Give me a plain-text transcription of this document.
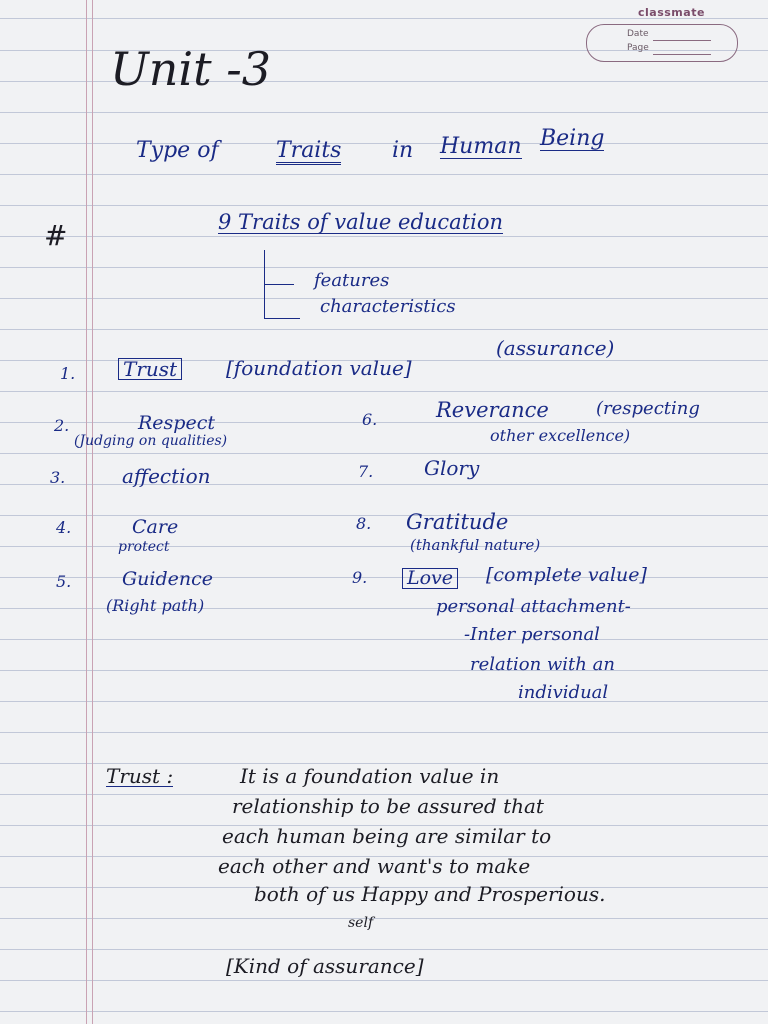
classmate
Date
Page
Unit -3
Type of	Traits in Human Being
#	9 Traits of value education
features
characteristics
1. Trust [foundation value]
(assurance)
2.	Respect
(Judging on qualities)
6.	Reverance	(respecting
other excellence)
3.	affection	7.	Glory
4.	Care
protect
8. Gratitude
(thankful nature)
5.	Guidence
(Right path)
9. Love [complete value]
personal attachment-
-Inter personal
relation with an
individual
Trust :	It is a foundation value in
relationship to be assured that
each human being are similar to
each other and want's to make
both of us Happy and Prosperious.
self
[Kind of assurance]
